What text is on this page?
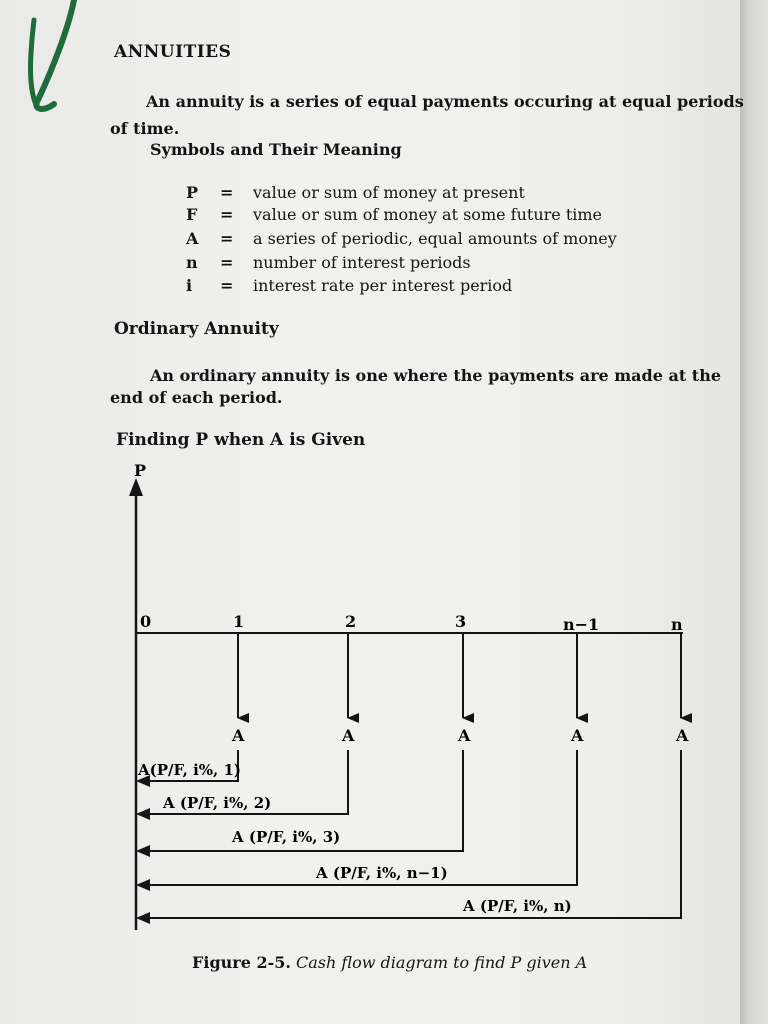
ANNUITIES
An annuity is a series of equal payments occuring at equal periods
of time.
Symbols and Their Meaning
P = value or sum of money at present
F = value or sum of money at some future time
A = a series of periodic, equal amounts of money
n = number of interest periods
i = interest rate per interest period
Ordinary Annuity
An ordinary annuity is one where the payments are made at the
end of each period.
Finding P when A is Given
P
0	1	2	3	n−1	n
A	A	A	A	A
A(P/F, i%, 1)
A (P/F, i%, 2)
A (P/F, i%, 3)
A (P/F, i%, n−1)
A (P/F, i%, n)
Figure 2-5. Cash flow diagram to find P given A
